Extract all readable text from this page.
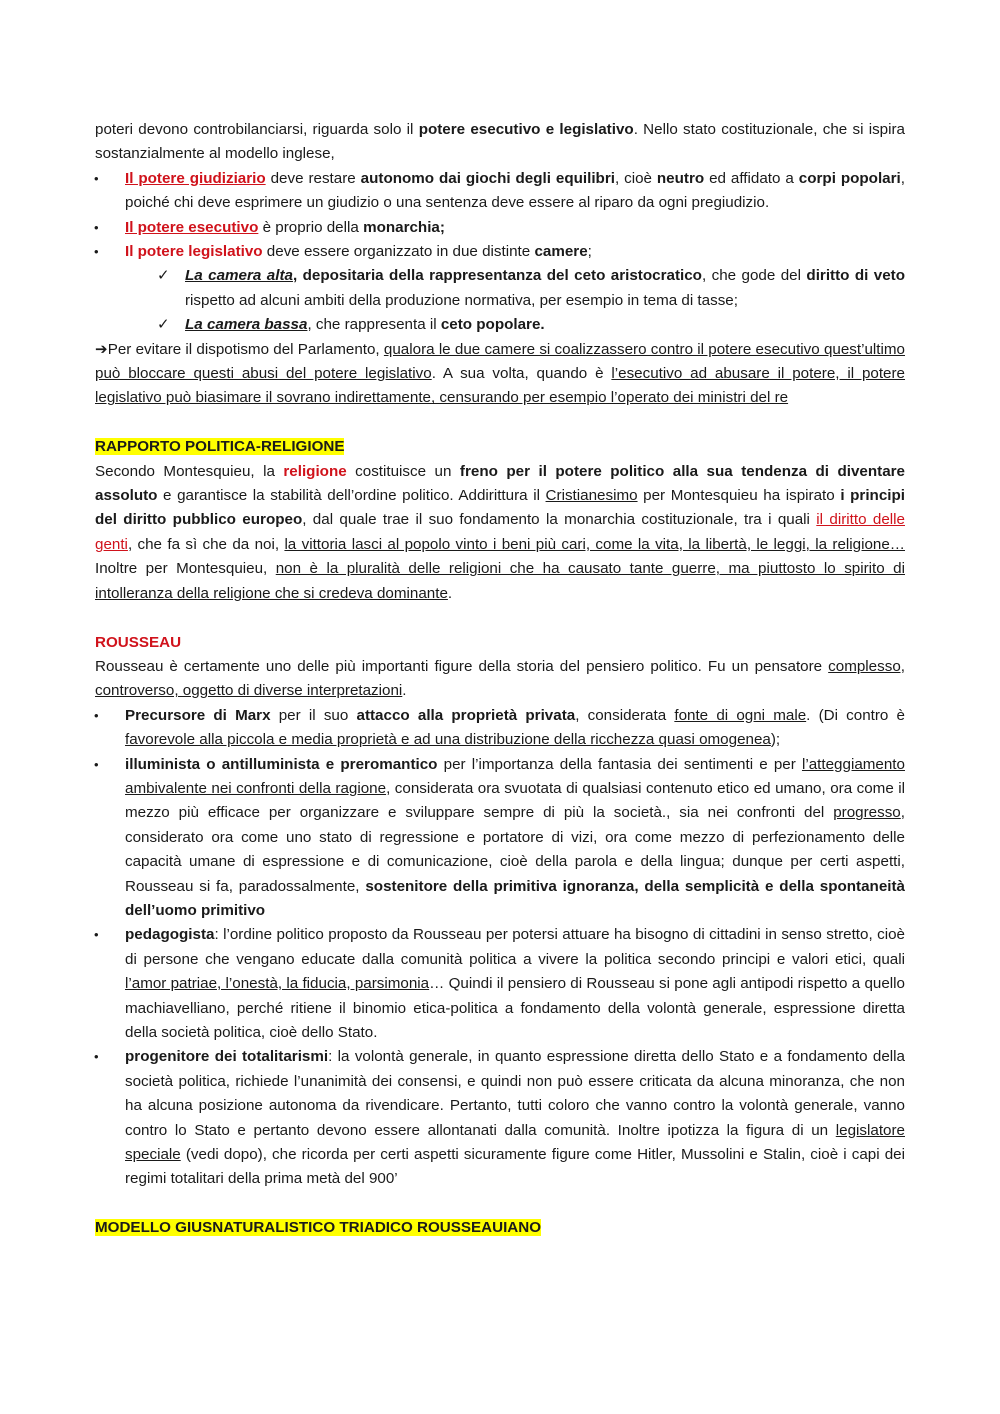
poteri devono controbilanciarsi, riguarda solo il potere esecutivo e legislativo. Nello stato costituzionale, che si ispira sostanzialmente al modello inglese,

• Il potere giudiziario deve restare autonomo dai giochi degli equilibri, cioè neutro ed affidato a corpi popolari, poiché chi deve esprimere un giudizio o una sentenza deve essere al riparo da ogni pregiudizio.
• Il potere esecutivo è proprio della monarchia;
• Il potere legislativo deve essere organizzato in due distinte camere;
✓ La camera alta, depositaria della rappresentanza del ceto aristocratico, che gode del diritto di veto rispetto ad alcuni ambiti della produzione normativa, per esempio in tema di tasse;
✓ La camera bassa, che rappresenta il ceto popolare.

➔Per evitare il dispotismo del Parlamento, qualora le due camere si coalizzassero contro il potere esecutivo quest’ultimo può bloccare questi abusi del potere legislativo. A sua volta, quando è l’esecutivo ad abusare il potere, il potere legislativo può biasimare il sovrano indirettamente, censurando per esempio l’operato dei ministri del re

RAPPORTO POLITICA-RELIGIONE

Secondo Montesquieu, la religione costituisce un freno per il potere politico alla sua tendenza di diventare assoluto e garantisce la stabilità dell’ordine politico. Addirittura il Cristianesimo per Montesquieu ha ispirato i principi del diritto pubblico europeo, dal quale trae il suo fondamento la monarchia costituzionale, tra i quali il diritto delle genti, che fa sì che da noi, la vittoria lasci al popolo vinto i beni più cari, come la vita, la libertà, le leggi, la religione… Inoltre per Montesquieu, non è la pluralità delle religioni che ha causato tante guerre, ma piuttosto lo spirito di intolleranza della religione che si credeva dominante.

ROUSSEAU

Rousseau è certamente uno delle più importanti figure della storia del pensiero politico. Fu un pensatore complesso, controverso, oggetto di diverse interpretazioni.

• Precursore di Marx per il suo attacco alla proprietà privata, considerata fonte di ogni male. (Di contro è favorevole alla piccola e media proprietà e ad una distribuzione della ricchezza quasi omogenea);
• illuminista o antilluminista e preromantico per l’importanza della fantasia dei sentimenti e per l’atteggiamento ambivalente nei confronti della ragione, considerata ora svuotata di qualsiasi contenuto etico ed umano, ora come il mezzo più efficace per organizzare e sviluppare sempre di più la società., sia nei confronti del progresso, considerato ora come uno stato di regressione e portatore di vizi, ora come mezzo di perfezionamento delle capacità umane di espressione e di comunicazione, cioè della parola e della lingua; dunque per certi aspetti, Rousseau si fa, paradossalmente, sostenitore della primitiva ignoranza, della semplicità e della spontaneità dell’uomo primitivo
• pedagogista: l’ordine politico proposto da Rousseau per potersi attuare ha bisogno di cittadini in senso stretto, cioè di persone che vengano educate dalla comunità politica a vivere la politica secondo principi e valori etici, quali l’amor patriae, l’onestà, la fiducia, parsimonia… Quindi il pensiero di Rousseau si pone agli antipodi rispetto a quello machiavelliano, perché ritiene il binomio etica-politica a fondamento della volontà generale, espressione diretta della società politica, cioè dello Stato.
• progenitore dei totalitarismi: la volontà generale, in quanto espressione diretta dello Stato e a fondamento della società politica, richiede l’unanimità dei consensi, e quindi non può essere criticata da alcuna minoranza, che non ha alcuna posizione autonoma da rivendicare. Pertanto, tutti coloro che vanno contro la volontà generale, vanno contro lo Stato e pertanto devono essere allontanati dalla comunità. Inoltre ipotizza la figura di un legislatore speciale (vedi dopo), che ricorda per certi aspetti sicuramente figure come Hitler, Mussolini e Stalin, cioè i capi dei regimi totalitari della prima metà del 900’

MODELLO GIUSNATURALISTICO TRIADICO ROUSSEAUIANO
